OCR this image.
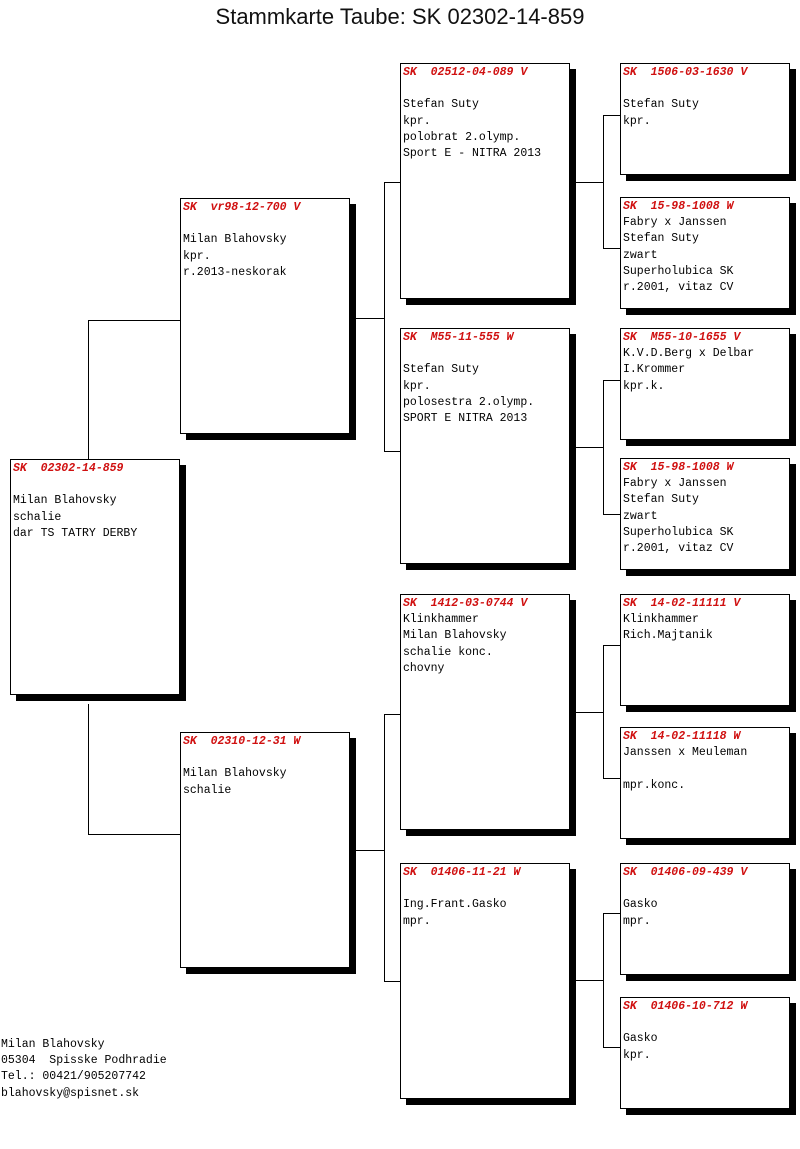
Stammkarte Taube: SK 02302-14-859
SK  02302-14-859
Milan Blahovsky
schalie
dar TS TATRY DERBY
SK  vr98-12-700 V
Milan Blahovsky
kpr.
r.2013-neskorak
SK  02310-12-31 W
Milan Blahovsky
schalie
SK  02512-04-089 V
Stefan Suty
kpr.
polobrat 2.olymp.
Sport E - NITRA 2013
SK  M55-11-555 W
Stefan Suty
kpr.
polosestra 2.olymp.
SPORT E NITRA 2013
SK  1412-03-0744 V
Klinkhammer
Milan Blahovsky
schalie konc.
chovny
SK  01406-11-21 W
Ing.Frant.Gasko
mpr.
SK  1506-03-1630 V
Stefan Suty
kpr.
SK  15-98-1008 W
Fabry x Janssen
Stefan Suty
zwart
Superholubica SK
r.2001, vitaz CV
SK  M55-10-1655 V
K.V.D.Berg x Delbar
I.Krommer
kpr.k.
SK  15-98-1008 W
Fabry x Janssen
Stefan Suty
zwart
Superholubica SK
r.2001, vitaz CV
SK  14-02-11111 V
Klinkhammer
Rich.Majtanik
SK  14-02-11118 W
Janssen x Meuleman
mpr.konc.
SK  01406-09-439 V
Gasko
mpr.
SK  01406-10-712 W
Gasko
kpr.
Milan Blahovsky
05304  Spisske Podhradie
Tel.: 00421/905207742
blahovsky@spisnet.sk
